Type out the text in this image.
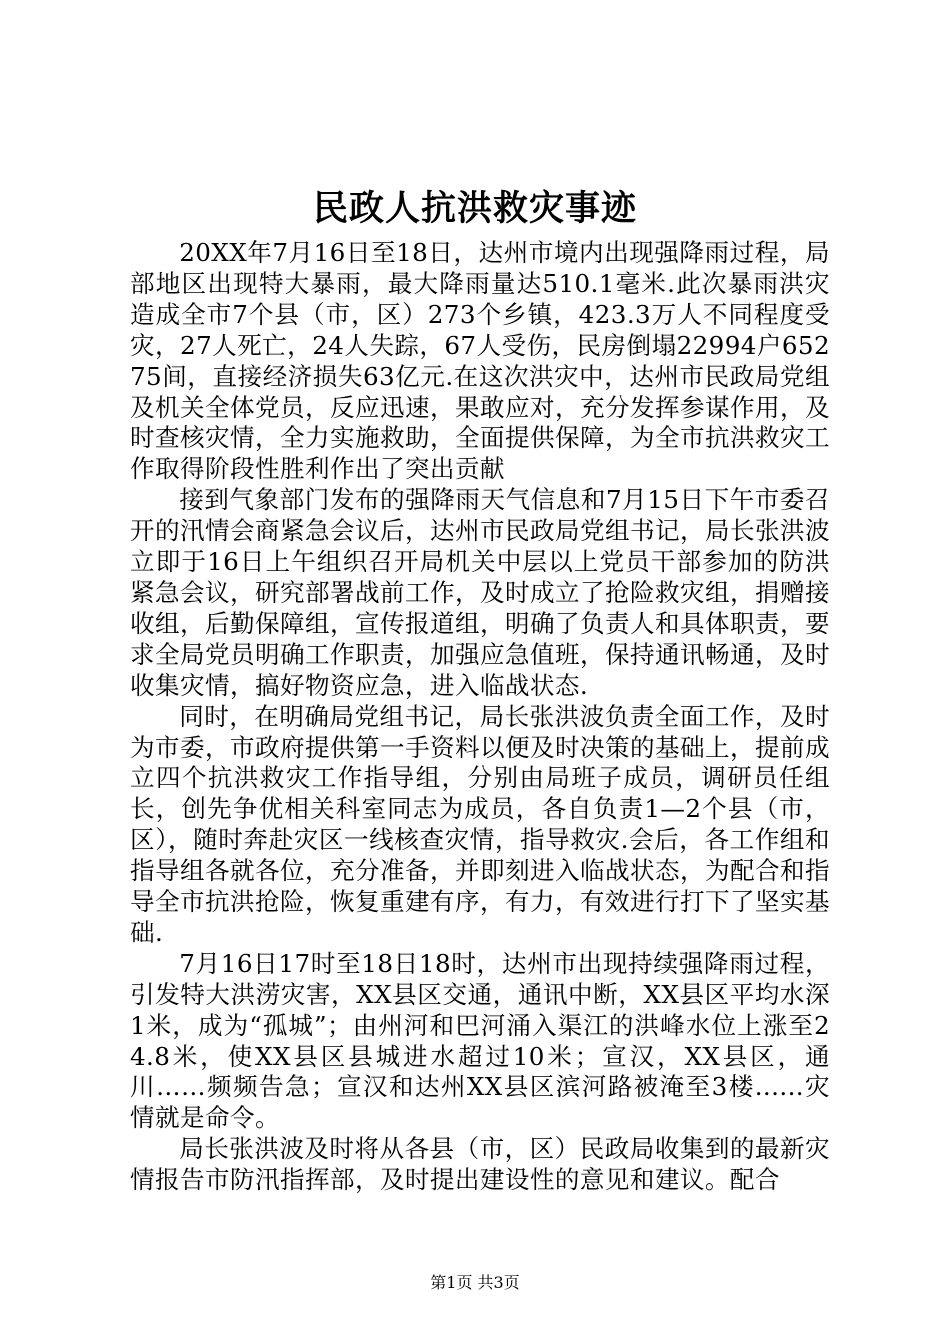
民政人抗洪救灾事迹

20XX年7月16日至18日，达州市境内出现强降雨过程，局部地区出现特大暴雨，最大降雨量达510.1毫米.此次暴雨洪灾造成全市7个县（市，区）273个乡镇，423.3万人不同程度受灾，27人死亡，24人失踪，67人受伤，民房倒塌22994户65275间，直接经济损失63亿元.在这次洪灾中，达州市民政局党组及机关全体党员，反应迅速，果敢应对，充分发挥参谋作用，及时查核灾情，全力实施救助，全面提供保障，为全市抗洪救灾工作取得阶段性胜利作出了突出贡献

接到气象部门发布的强降雨天气信息和7月15日下午市委召开的汛情会商紧急会议后，达州市民政局党组书记，局长张洪波立即于16日上午组织召开局机关中层以上党员干部参加的防洪紧急会议，研究部署战前工作，及时成立了抢险救灾组，捐赠接收组，后勤保障组，宣传报道组，明确了负责人和具体职责，要求全局党员明确工作职责，加强应急值班，保持通讯畅通，及时收集灾情，搞好物资应急，进入临战状态.

同时，在明确局党组书记，局长张洪波负责全面工作，及时为市委，市政府提供第一手资料以便及时决策的基础上，提前成立四个抗洪救灾工作指导组，分别由局班子成员，调研员任组长，创先争优相关科室同志为成员，各自负责1—2个县（市，区），随时奔赴灾区一线核查灾情，指导救灾.会后，各工作组和指导组各就各位，充分准备，并即刻进入临战状态，为配合和指导全市抗洪抢险，恢复重建有序，有力，有效进行打下了坚实基础.

7月16日17时至18日18时，达州市出现持续强降雨过程，引发特大洪涝灾害，XX县区交通，通讯中断，XX县区平均水深1米，成为“孤城”；由州河和巴河涌入渠江的洪峰水位上涨至24.8米，使XX县区县城进水超过10米；宣汉，XX县区，通川……频频告急；宣汉和达州XX县区滨河路被淹至3楼......灾情就是命令。

局长张洪波及时将从各县（市，区）民政局收集到的最新灾情报告市防汛指挥部，及时提出建设性的意见和建议。配合

第1页 共3页
